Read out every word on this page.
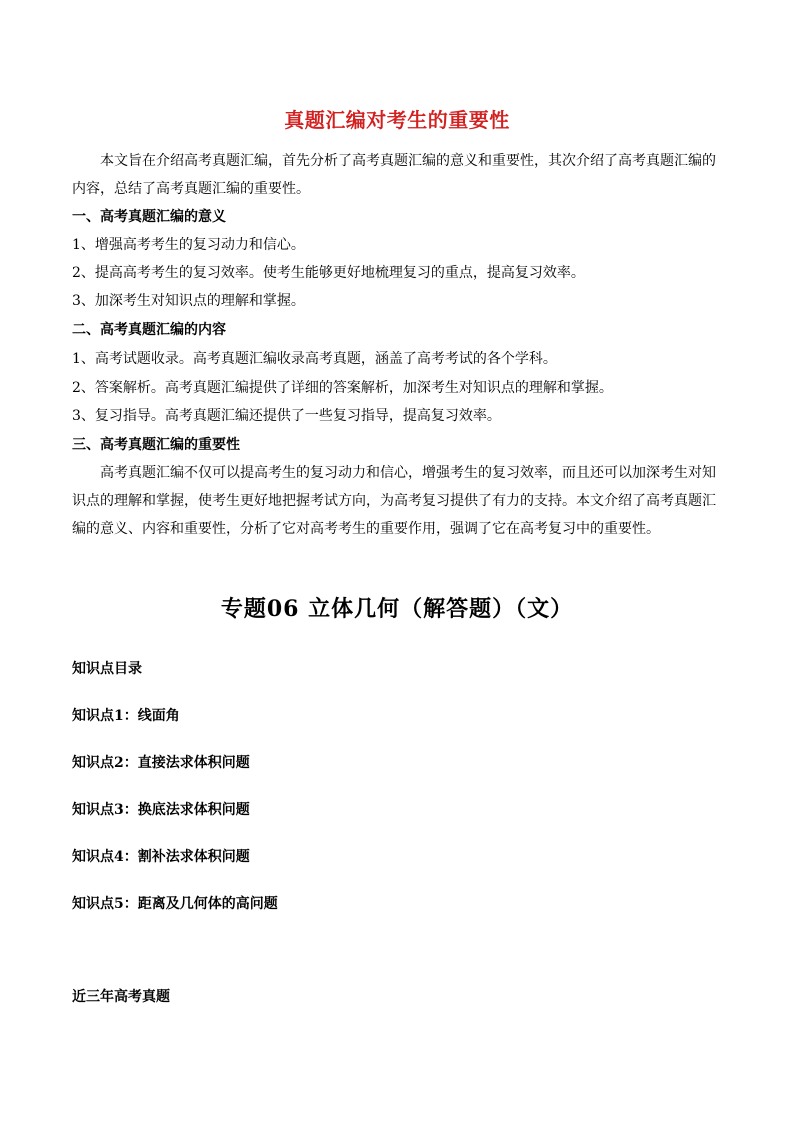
真题汇编对考生的重要性
本文旨在介绍高考真题汇编，首先分析了高考真题汇编的意义和重要性，其次介绍了高考真题汇编的内容，总结了高考真题汇编的重要性。
一、高考真题汇编的意义
1、增强高考考生的复习动力和信心。
2、提高高考考生的复习效率。使考生能够更好地梳理复习的重点，提高复习效率。
3、加深考生对知识点的理解和掌握。
二、高考真题汇编的内容
1、高考试题收录。高考真题汇编收录高考真题，涵盖了高考考试的各个学科。
2、答案解析。高考真题汇编提供了详细的答案解析，加深考生对知识点的理解和掌握。
3、复习指导。高考真题汇编还提供了一些复习指导，提高复习效率。
三、高考真题汇编的重要性
高考真题汇编不仅可以提高考生的复习动力和信心，增强考生的复习效率，而且还可以加深考生对知识点的理解和掌握，使考生更好地把握考试方向，为高考复习提供了有力的支持。本文介绍了高考真题汇编的意义、内容和重要性，分析了它对高考考生的重要作用，强调了它在高考复习中的重要性。
专题06 立体几何（解答题）（文）
知识点目录
知识点1：线面角
知识点2：直接法求体积问题
知识点3：换底法求体积问题
知识点4：割补法求体积问题
知识点5：距离及几何体的高问题
近三年高考真题
